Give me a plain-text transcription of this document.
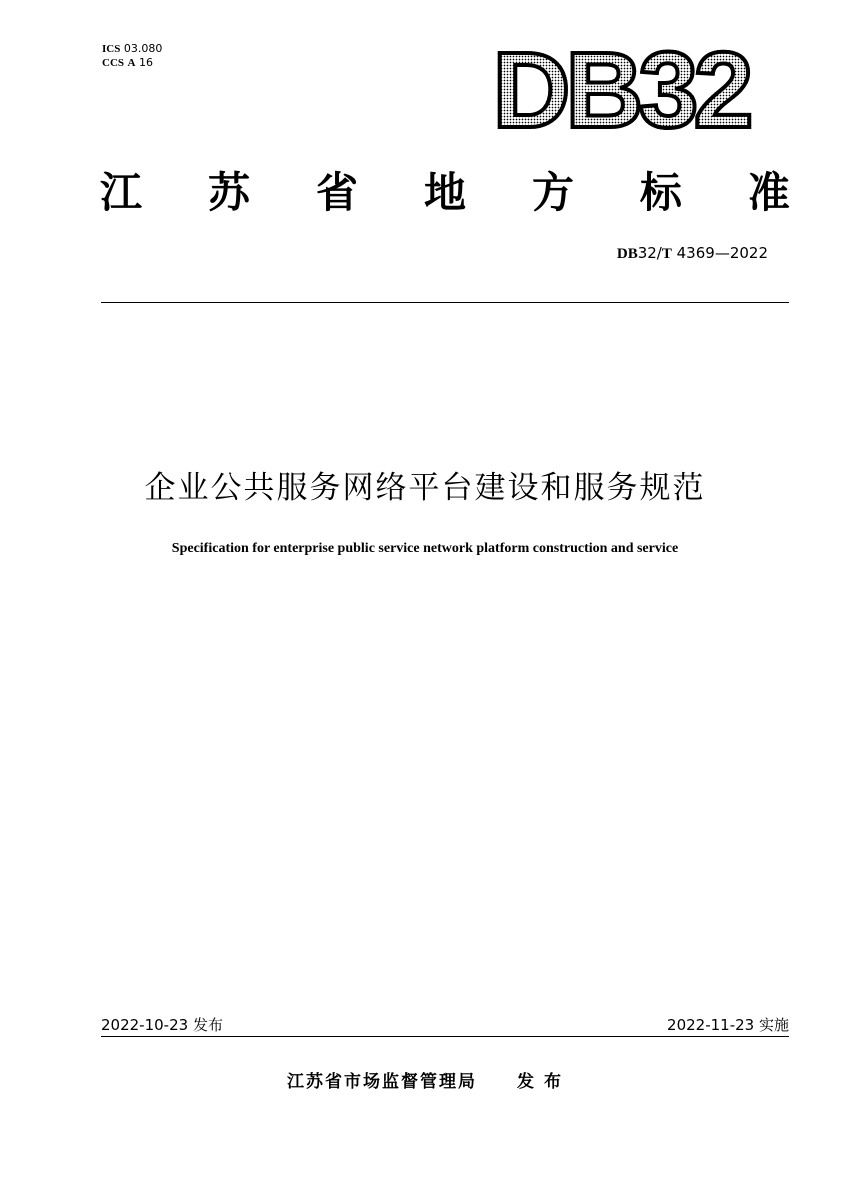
ICS 03.080
CCS A 16	DB32
江 苏 省 地 方 标 准
DB32/T 4369—2022
企业公共服务网络平台建设和服务规范
Specification for enterprise public service network platform construction and service
2022-10-23 发布	2022-11-23 实施
江苏省市场监督管理局 发 布
